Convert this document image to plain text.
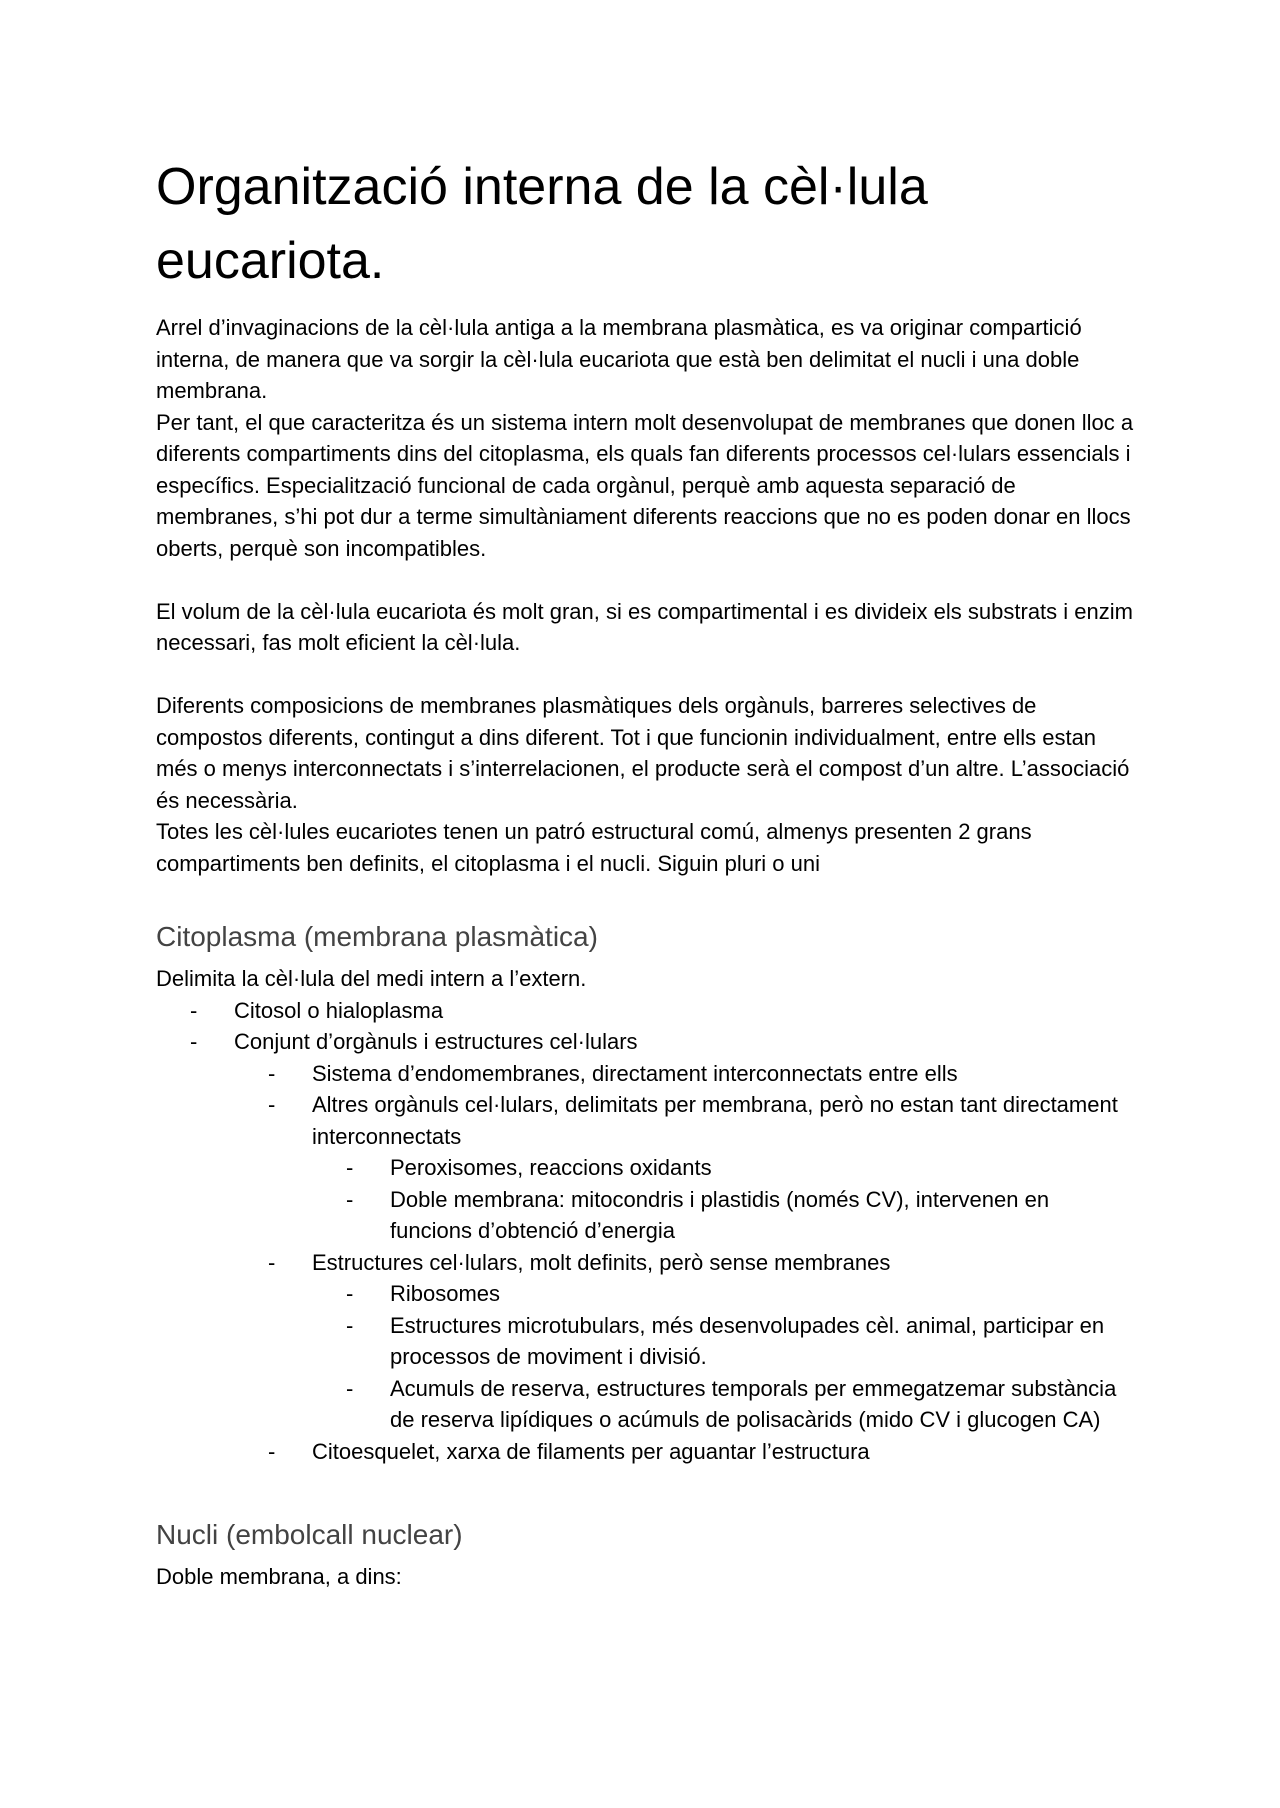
Organització interna de la cèl·lula eucariota.

Arrel d’invaginacions de la cèl·lula antiga a la membrana plasmàtica, es va originar compartició interna, de manera que va sorgir la cèl·lula eucariota que està ben delimitat el nucli i una doble membrana.

Per tant, el que caracteritza és un sistema intern molt desenvolupat de membranes que donen lloc a diferents compartiments dins del citoplasma, els quals fan diferents processos cel·lulars essencials i específics. Especialització funcional de cada orgànul, perquè amb aquesta separació de membranes, s’hi pot dur a terme simultàniament diferents reaccions que no es poden donar en llocs oberts, perquè son incompatibles.

El volum de la cèl·lula eucariota és molt gran, si es compartimental i es divideix els substrats i enzim necessari, fas molt eficient la cèl·lula.

Diferents composicions de membranes plasmàtiques dels orgànuls, barreres selectives de compostos diferents, contingut a dins diferent. Tot i que funcionin individualment, entre ells estan més o menys interconnectats i s’interrelacionen, el producte serà el compost d’un altre. L’associació és necessària.

Totes les cèl·lules eucariotes tenen un patró estructural comú, almenys presenten 2 grans compartiments ben definits, el citoplasma i el nucli. Siguin pluri o uni

Citoplasma (membrana plasmàtica)

Delimita la cèl·lula del medi intern a l’extern.

-	Citosol o hialoplasma
-	Conjunt d’orgànuls i estructures cel·lulars
-	Sistema d’endomembranes, directament interconnectats entre ells
-	Altres orgànuls cel·lulars, delimitats per membrana, però no estan tant directament interconnectats
-	Peroxisomes, reaccions oxidants
-	Doble membrana: mitocondris i plastidis (només CV), intervenen en funcions d’obtenció d’energia
-	Estructures cel·lulars, molt definits, però sense membranes
-	Ribosomes
-	Estructures microtubulars, més desenvolupades cèl. animal, participar en processos de moviment i divisió.
-	Acumuls de reserva, estructures temporals per emmegatzemar substància de reserva lipídiques o acúmuls de polisacàrids (mido CV i glucogen CA)
-	Citoesquelet, xarxa de filaments per aguantar l’estructura
Nucli (embolcall nuclear)

Doble membrana, a dins:
